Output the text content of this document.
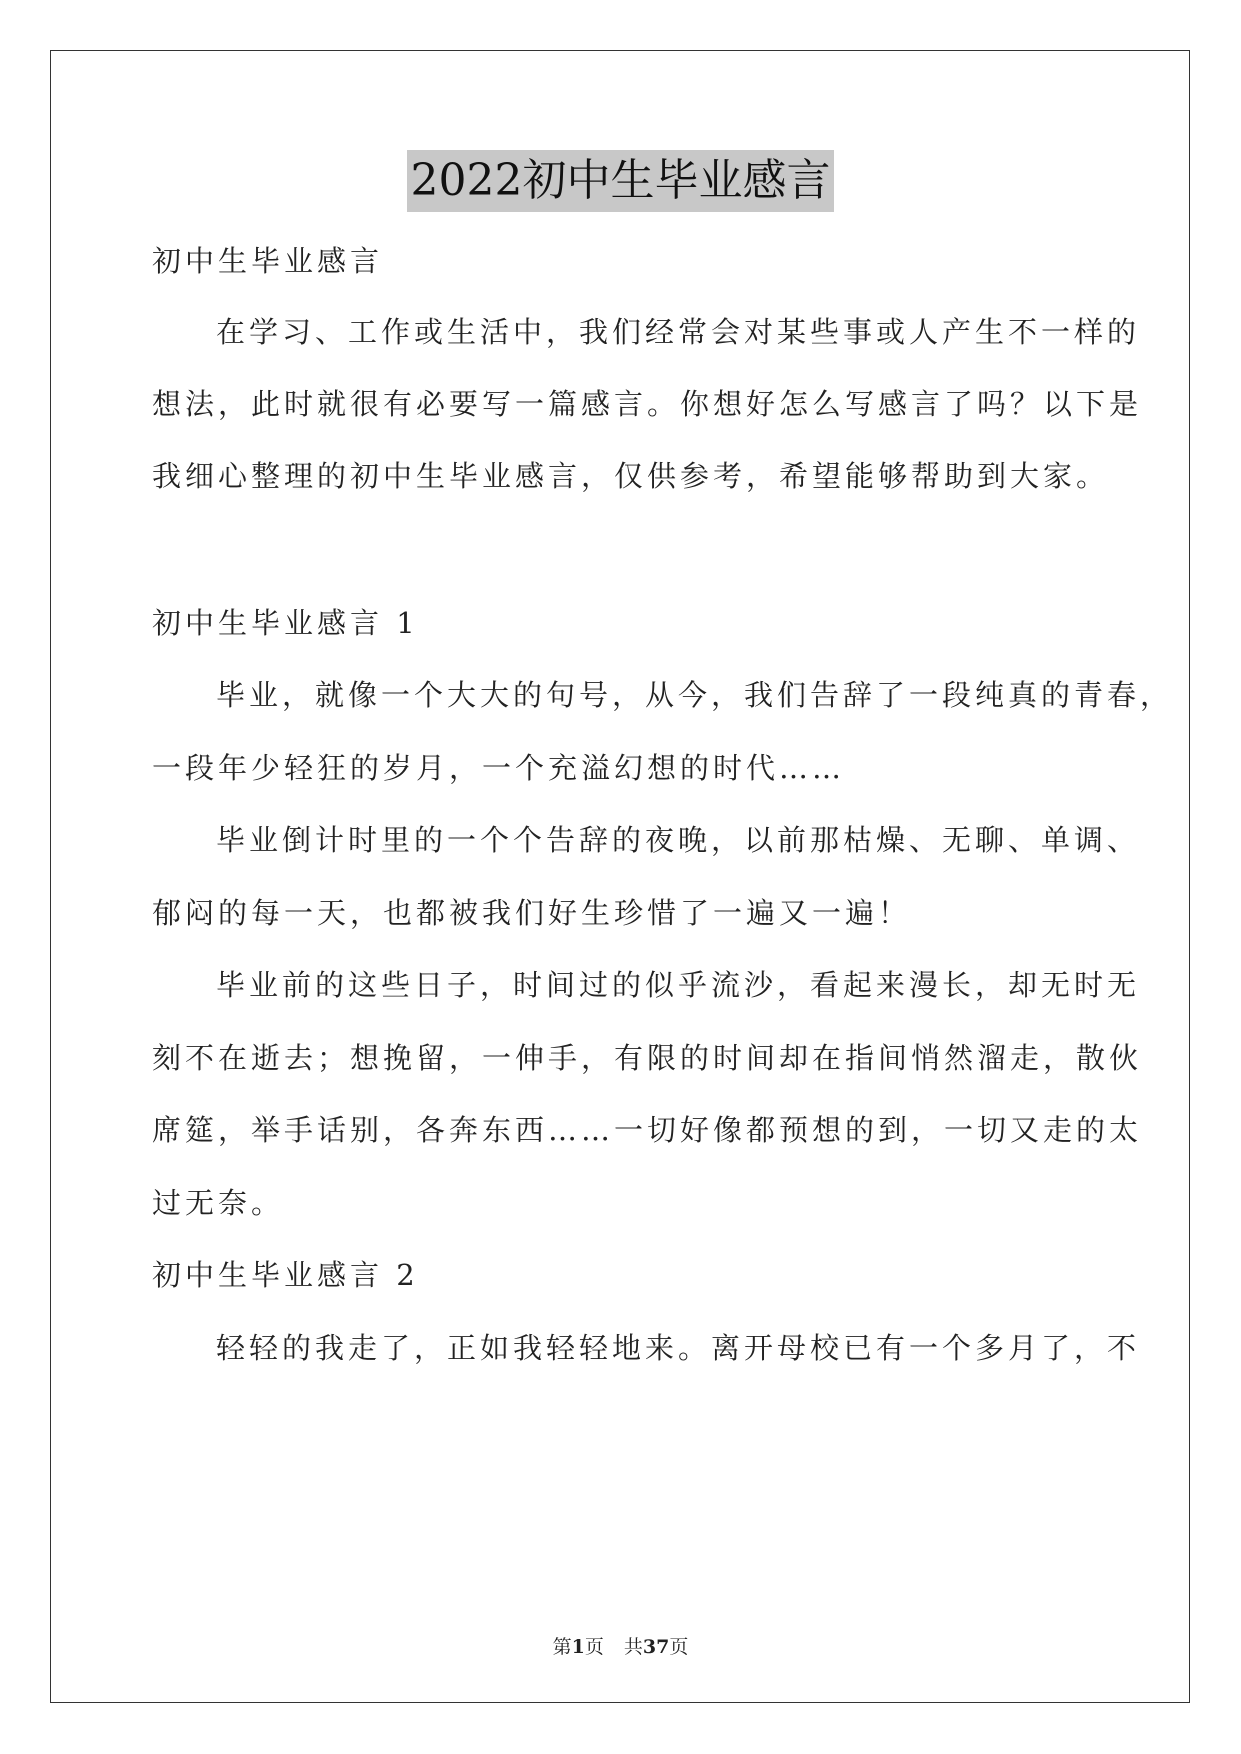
2022初中生毕业感言
初中生毕业感言
在学习、工作或生活中，我们经常会对某些事或人产生不一样的
想法，此时就很有必要写一篇感言。你想好怎么写感言了吗？以下是
我细心整理的初中生毕业感言，仅供参考，希望能够帮助到大家。
初中生毕业感言 1
毕业，就像一个大大的句号，从今，我们告辞了一段纯真的青春，
一段年少轻狂的岁月，一个充溢幻想的时代……
毕业倒计时里的一个个告辞的夜晚，以前那枯燥、无聊、单调、
郁闷的每一天，也都被我们好生珍惜了一遍又一遍！
毕业前的这些日子，时间过的似乎流沙，看起来漫长，却无时无
刻不在逝去；想挽留，一伸手，有限的时间却在指间悄然溜走，散伙
席筵，举手话别，各奔东西……一切好像都预想的到，一切又走的太
过无奈。
初中生毕业感言 2
轻轻的我走了，正如我轻轻地来。离开母校已有一个多月了，不
第1页 共37页
